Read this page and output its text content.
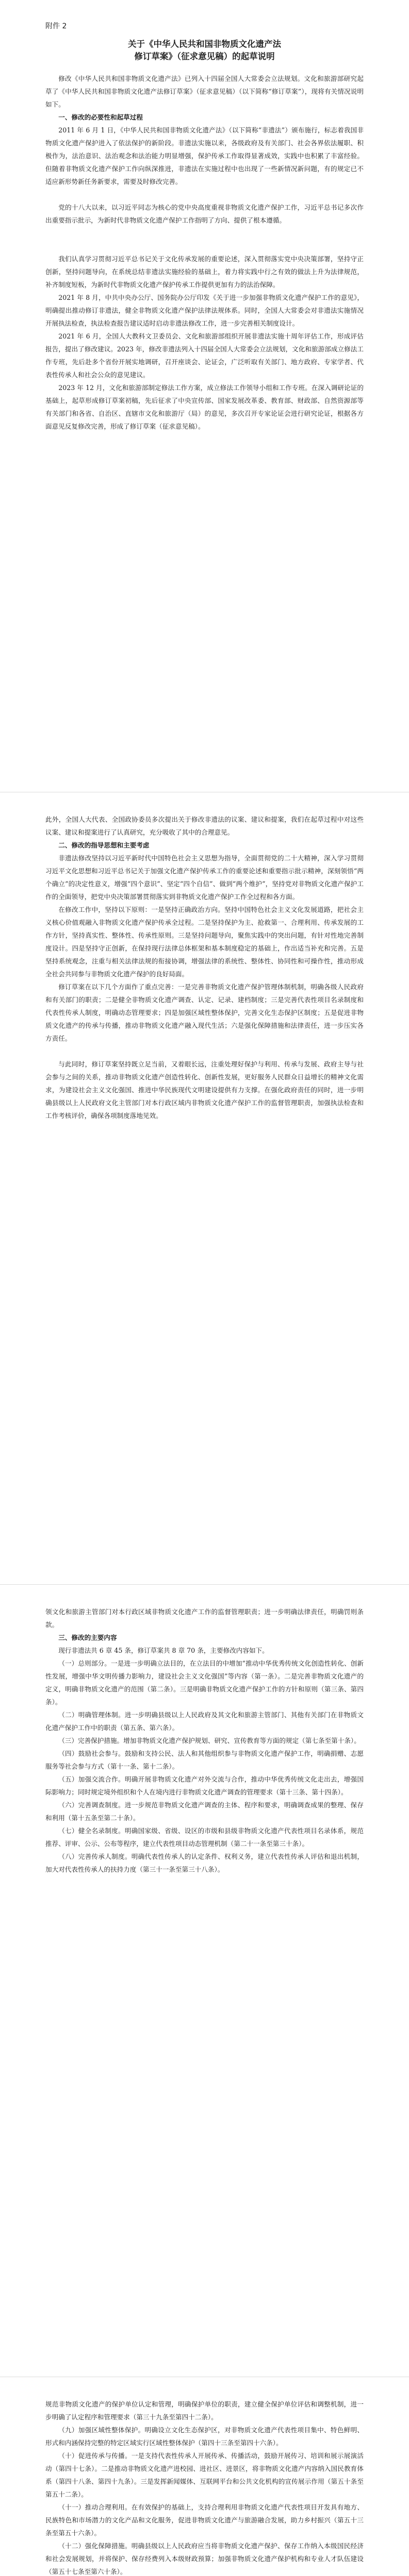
附件 2

关于《中华人民共和国非物质文化遗产法
修订草案》（征求意见稿）的起草说明

修改《中华人民共和国非物质文化遗产法》已列入十四届全国人大常委会立法规划。文化和旅游部研究起草了《中华人民共和国非物质文化遗产法修订草案》（征求意见稿）（以下简称“修订草案”），现将有关情况说明如下。

一、修改的必要性和起草过程

2011 年 6 月 1 日，《中华人民共和国非物质文化遗产法》（以下简称“非遗法”）颁布施行，标志着我国非物质文化遗产保护进入了依法保护的新阶段。非遗法实施以来，各级政府及有关部门、社会各界依法履职、积极作为，法治意识、法治观念和法治能力明显增强，保护传承工作取得显著成效，实践中也积累了丰富经验。但随着非物质文化遗产保护工作向纵深推进，非遗法在实施过程中也出现了一些新情况新问题，有的规定已不适应新形势新任务新要求，需要及时修改完善。

党的十八大以来，以习近平同志为核心的党中央高度重视非物质文化遗产保护工作，习近平总书记多次作出重要指示批示，为新时代非物质文化遗产保护工作指明了方向、提供了根本遵循。

我们认真学习贯彻习近平总书记关于文化传承发展的重要论述，深入贯彻落实党中央决策部署，坚持守正创新，坚持问题导向，在系统总结非遗法实施经验的基础上，着力将实践中行之有效的做法上升为法律规范，补齐制度短板，为新时代非物质文化遗产保护传承工作提供更加有力的法治保障。

2021 年 8 月，中共中央办公厅、国务院办公厅印发《关于进一步加强非物质文化遗产保护工作的意见》，明确提出推动修订非遗法，健全非物质文化遗产保护法律法规体系。同时，全国人大常委会对非遗法实施情况开展执法检查，执法检查报告建议适时启动非遗法修改工作，进一步完善相关制度设计。

2021 年 6 月，全国人大教科文卫委员会、文化和旅游部组织开展非遗法实施十周年评估工作，形成评估报告，提出了修改建议。2023 年，修改非遗法列入十四届全国人大常委会立法规划，文化和旅游部成立修法工作专班，先后赴多个省份开展实地调研，召开座谈会、论证会，广泛听取有关部门、地方政府、专家学者、代表性传承人和社会公众的意见建议。

2023 年 12 月，文化和旅游部制定修法工作方案，成立修法工作领导小组和工作专班。在深入调研论证的基础上，起草形成修订草案初稿，先后征求了中央宣传部、国家发展改革委、教育部、财政部、自然资源部等有关部门和各省、自治区、直辖市文化和旅游厅（局）的意见，多次召开专家论证会进行研究论证，根据各方面意见反复修改完善，形成了修订草案（征求意见稿）。

此外，全国人大代表、全国政协委员多次提出关于修改非遗法的议案、建议和提案，我们在起草过程中对这些议案、建议和提案进行了认真研究，充分吸收了其中的合理意见。

二、修改的指导思想和主要考虑

非遗法修改坚持以习近平新时代中国特色社会主义思想为指导，全面贯彻党的二十大精神，深入学习贯彻习近平文化思想和习近平总书记关于加强文化遗产保护传承工作的重要论述和重要指示批示精神，深刻领悟“两个确立”的决定性意义，增强“四个意识”、坚定“四个自信”、做到“两个维护”，坚持党对非物质文化遗产保护工作的全面领导，把党中央决策部署贯彻落实到非物质文化遗产保护工作全过程和各方面。

在修改工作中，坚持以下原则：一是坚持正确政治方向。坚持中国特色社会主义文化发展道路，把社会主义核心价值观融入非物质文化遗产保护传承全过程。二是坚持保护为主、抢救第一、合理利用、传承发展的工作方针，坚持真实性、整体性、传承性原则。三是坚持问题导向，聚焦实践中的突出问题，有针对性地完善制度设计。四是坚持守正创新，在保持现行法律总体框架和基本制度稳定的基础上，作出适当补充和完善。五是坚持系统观念，注重与相关法律法规的衔接协调，增强法律的系统性、整体性、协同性和可操作性，推动形成全社会共同参与非物质文化遗产保护的良好局面。

修订草案在以下几个方面作了重点完善：一是完善非物质文化遗产保护管理体制机制，明确各级人民政府和有关部门的职责；二是健全非物质文化遗产调查、认定、记录、建档制度；三是完善代表性项目名录制度和代表性传承人制度，明确动态管理要求；四是加强区域性整体保护，完善文化生态保护区制度；五是促进非物质文化遗产的传承与传播，推动非物质文化遗产融入现代生活；六是强化保障措施和法律责任，进一步压实各方责任。

与此同时，修订草案坚持既立足当前，又着眼长远，注重处理好保护与利用、传承与发展、政府主导与社会参与之间的关系，推动非物质文化遗产创造性转化、创新性发展，更好服务人民群众日益增长的精神文化需求，为建设社会主义文化强国、推进中华民族现代文明建设提供有力支撑。在强化政府责任的同时，进一步明确县级以上人民政府文化主管部门对本行政区域内非物质文化遗产保护工作的监督管理职责，加强执法检查和工作考核评价，确保各项制度落地见效。

领文化和旅游主管部门对本行政区域非物质文化遗产工作的监督管理职责；进一步明确法律责任，明确罚则条款。

三、修改的主要内容

现行非遗法共 6 章 45 条，修订草案共 8 章 70 条，主要修改内容如下。

（一）总则部分。一是进一步明确立法目的，在立法目的中增加“推动中华优秀传统文化创造性转化、创新性发展，增强中华文明传播力影响力，建设社会主义文化强国”等内容（第一条）。二是完善非物质文化遗产的定义，明确非物质文化遗产的范围（第二条）。三是明确非物质文化遗产保护工作的方针和原则（第三条、第四条）。

（二）明确管理体制。进一步明确县级以上人民政府及其文化和旅游主管部门、其他有关部门在非物质文化遗产保护工作中的职责（第五条、第六条）。

（三）完善保护措施。增加非物质文化遗产保护规划、研究、宣传教育等方面的规定（第七条至第十条）。

（四）鼓励社会参与。鼓励和支持公民、法人和其他组织参与非物质文化遗产保护工作，明确捐赠、志愿服务等社会参与方式（第十一条、第十二条）。

（五）加强交流合作。明确开展非物质文化遗产对外交流与合作，推动中华优秀传统文化走出去，增强国际影响力；同时规定境外组织和个人在境内进行非物质文化遗产调查的管理要求（第十三条、第十四条）。

（六）完善调查制度。进一步规范非物质文化遗产调查的主体、程序和要求，明确调查成果的整理、保存和利用（第十五条至第二十条）。

（七）健全名录制度。明确国家级、省级、设区的市级和县级非物质文化遗产代表性项目名录体系，规范推荐、评审、公示、公布等程序，建立代表性项目动态管理机制（第二十一条至第三十条）。

（八）完善传承人制度。明确代表性传承人的认定条件、权利义务，建立代表性传承人评估和退出机制，加大对代表性传承人的扶持力度（第三十一条至第三十八条）。

规范非物质文化遗产的保护单位认定和管理，明确保护单位的职责，建立健全保护单位评估和调整机制，进一步明确了认定程序和管理要求（第三十九条至第四十二条）。

（九）加强区域性整体保护。明确设立文化生态保护区，对非物质文化遗产代表性项目集中、特色鲜明、形式和内涵保持完整的特定区域实行区域性整体保护（第四十三条至第四十六条）。

（十）促进传承与传播。一是支持代表性传承人开展传承、传播活动，鼓励开展传习、培训和展示展演活动（第四十七条）。二是推动非物质文化遗产进校园、进社区、进景区，将非物质文化遗产内容纳入国民教育体系（第四十八条、第四十九条）。三是发挥新闻媒体、互联网平台和公共文化机构的宣传展示作用（第五十条至第五十二条）。

（十一）推动合理利用。在有效保护的基础上，支持合理利用非物质文化遗产代表性项目开发具有地方、民族特色和市场潜力的文化产品和文化服务，促进非物质文化遗产与旅游融合发展，助力乡村振兴（第五十三条至第五十六条）。

（十二）强化保障措施。明确县级以上人民政府应当将非物质文化遗产保护、保存工作纳入本级国民经济和社会发展规划，并将保护、保存经费列入本级财政预算；加强非物质文化遗产保护机构和专业人才队伍建设（第五十七条至第六十条）。
